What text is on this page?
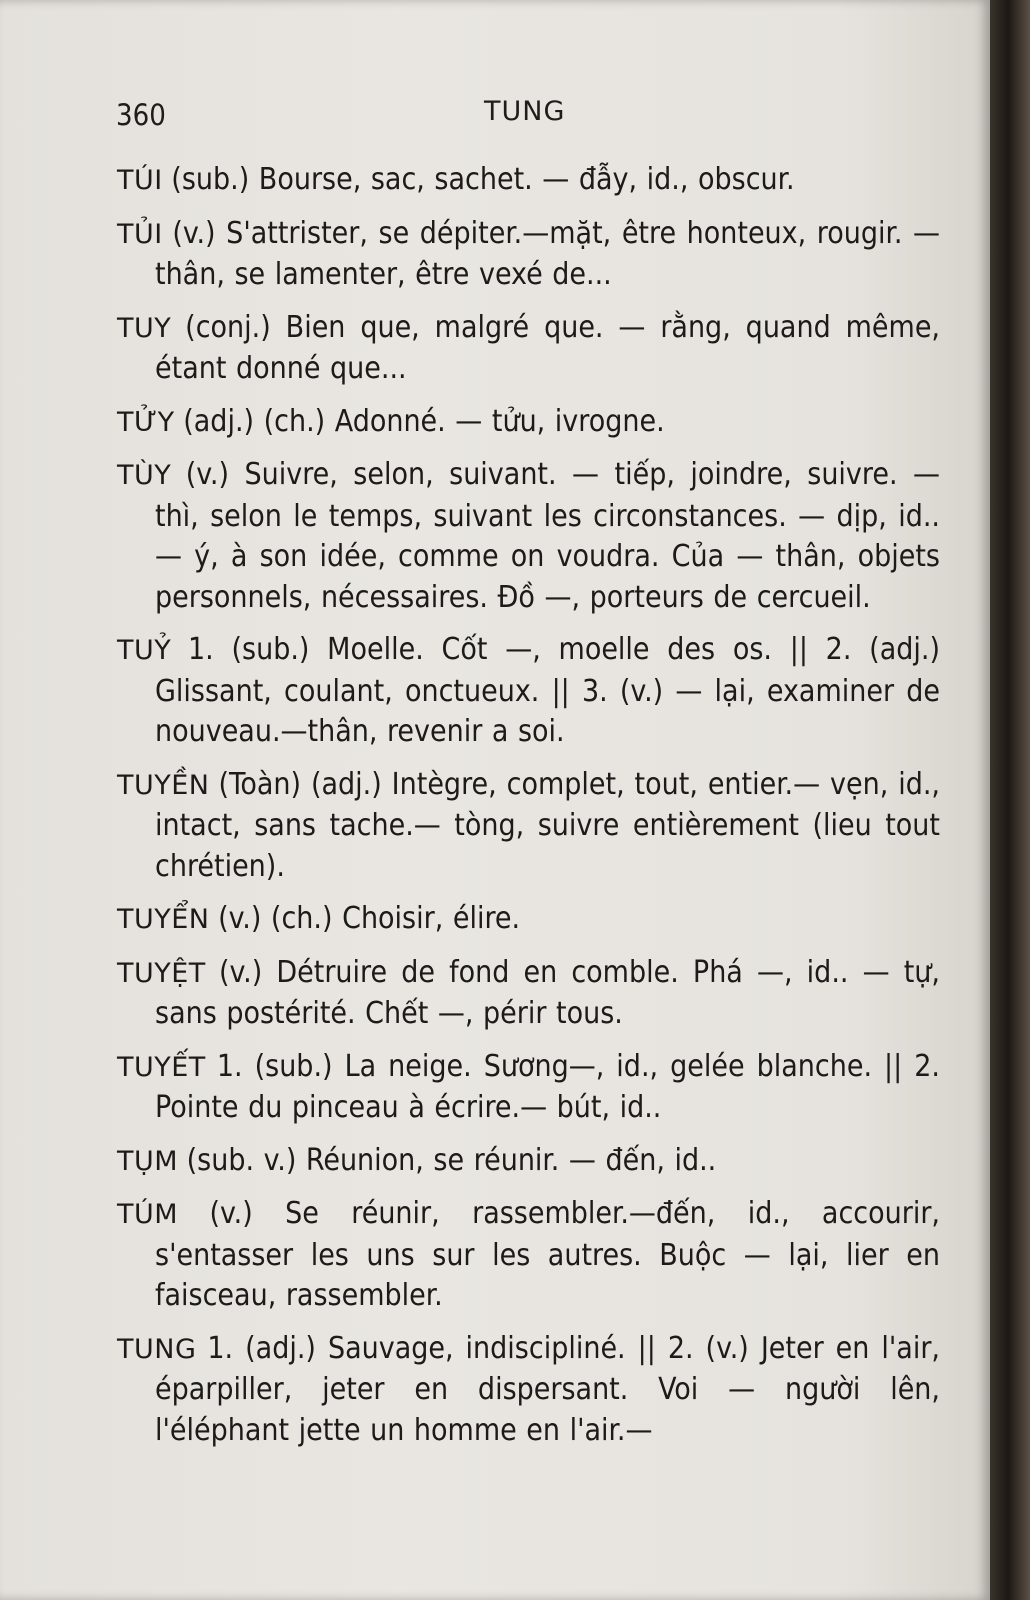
360	TUNG

TÚI (sub.) Bourse, sac, sachet. — đẫy, id., obscur.

TỦI (v.) S'attrister, se dépiter.—mặt, être honteux, rougir. — thân, se lamenter, être vexé de...

TUY (conj.) Bien que, malgré que. — rằng, quand même, étant donné que...

TỬY (adj.) (ch.) Adonné. — tửu, ivrogne.

TÙY (v.) Suivre, selon, suivant. — tiếp, joindre, suivre. — thì, selon le temps, suivant les circonstances. — dịp, id.. — ý, à son idée, comme on voudra. Của — thân, objets personnels, nécessaires. Đồ —, porteurs de cercueil.

TUỶ 1. (sub.) Moelle. Cốt —, moelle des os. || 2. (adj.) Glissant, coulant, onctueux. || 3. (v.) — lại, examiner de nouveau.—thân, revenir a soi.

TUYỀN (Toàn) (adj.) Intègre, complet, tout, entier.— vẹn, id., intact, sans tache.— tòng, suivre entièrement (lieu tout chrétien).

TUYỂN (v.) (ch.) Choisir, élire.

TUYỆT (v.) Détruire de fond en comble. Phá —, id.. — tự, sans postérité. Chết —, périr tous.

TUYẾT 1. (sub.) La neige. Sương—, id., gelée blanche. || 2. Pointe du pinceau à écrire.— bút, id..

TỤM (sub. v.) Réunion, se réunir. — đến, id..

TÚM (v.) Se réunir, rassembler.—đến, id., accourir, s'entasser les uns sur les autres. Buộc — lại, lier en faisceau, rassembler.

TUNG 1. (adj.) Sauvage, indiscipliné. || 2. (v.) Jeter en l'air, éparpiller, jeter en dispersant. Voi — người lên, l'éléphant jette un homme en l'air.—
